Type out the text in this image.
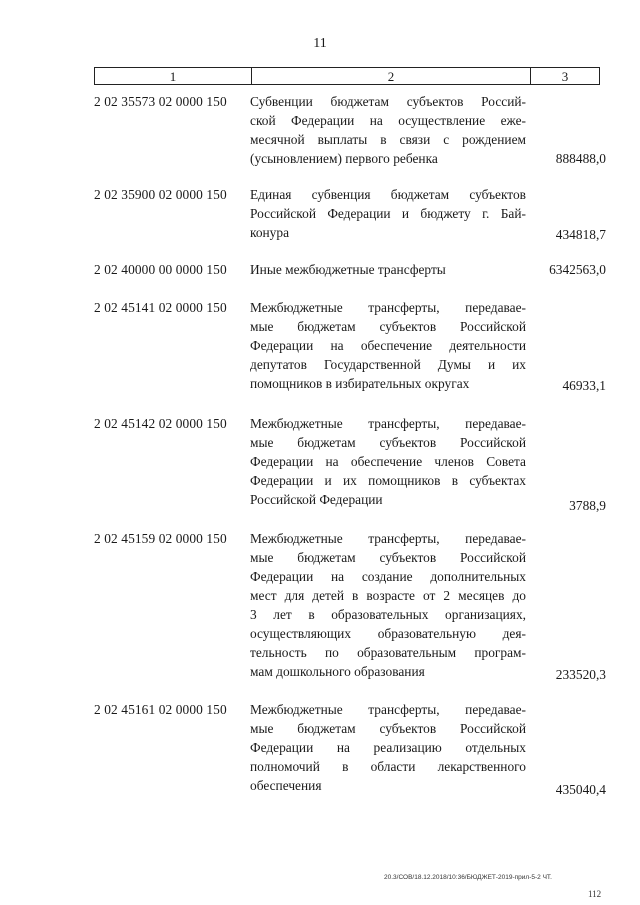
11
1	2	3
2 02 35573 02 0000 150 Субвенции бюджетам субъектов Россий-
ской Федерации на осуществление еже-
месячной выплаты в связи с рождением
(усыновлением) первого ребенка	888488,0
2 02 35900 02 0000 150 Единая субвенция бюджетам субъектов
Российской Федерации и бюджету г. Бай-
конура	434818,7
2 02 40000 00 0000 150 Иные межбюджетные трансферты	6342563,0
2 02 45141 02 0000 150 Межбюджетные трансферты, передавае-
мые бюджетам субъектов Российской
Федерации на обеспечение деятельности
депутатов Государственной Думы и их
помощников в избирательных округах	46933,1
2 02 45142 02 0000 150 Межбюджетные трансферты, передавае-
мые бюджетам субъектов Российской
Федерации на обеспечение членов Совета
Федерации и их помощников в субъектах
Российской Федерации	3788,9
2 02 45159 02 0000 150 Межбюджетные трансферты, передавае-
мые бюджетам субъектов Российской
Федерации на создание дополнительных
мест для детей в возрасте от 2 месяцев до
3 лет в образовательных организациях,
осуществляющих образовательную дея-
тельность по образовательным програм-
мам дошкольного образования	233520,3
2 02 45161 02 0000 150 Межбюджетные трансферты, передавае-
мые бюджетам субъектов Российской
Федерации на реализацию отдельных
полномочий в области лекарственного
обеспечения	435040,4
20.3/СОВ/18.12.2018/10:36/БЮДЖЕТ-2019-прил-5-2 ЧТ.
112
